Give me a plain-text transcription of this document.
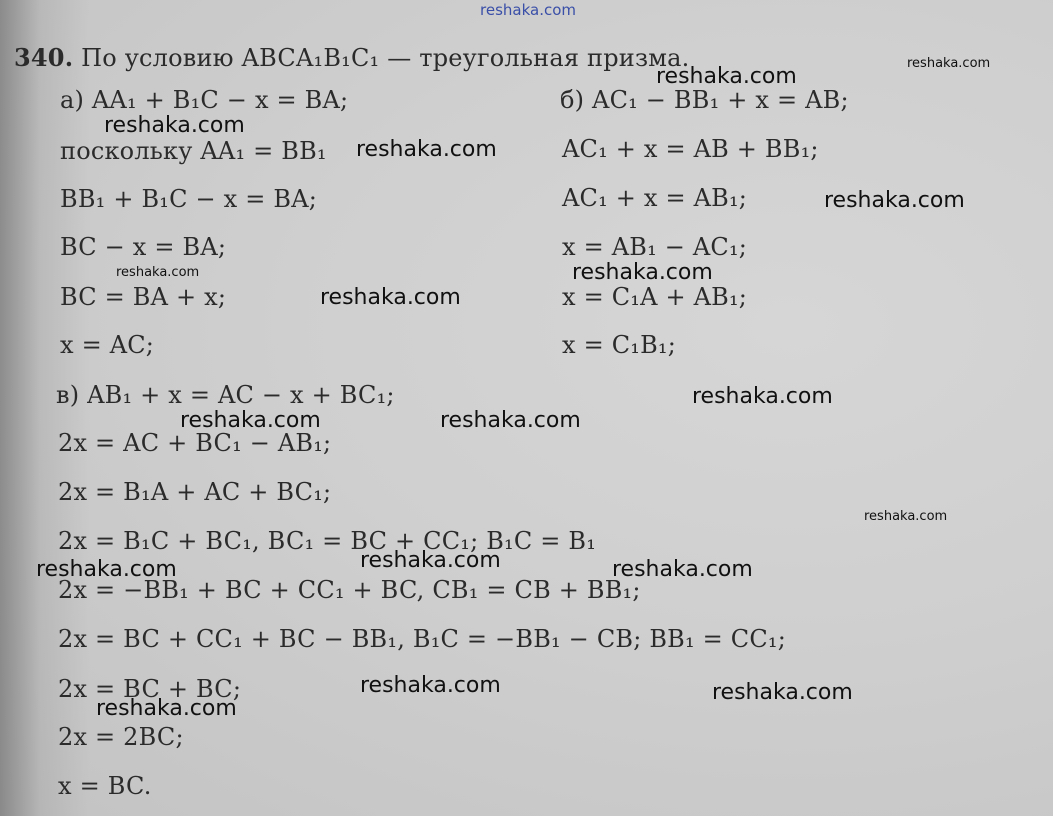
340. По условию ABCA₁B₁C₁ — треугольная призма.
а) AA₁ + B₁C − x = BA;
поскольку AA₁ = BB₁
BB₁ + B₁C − x = BA;
BC − x = BA;
BC = BA + x;
x = AC;
б) AC₁ − BB₁ + x = AB;
AC₁ + x = AB + BB₁;
AC₁ + x = AB₁;
x = AB₁ − AC₁;
x = C₁A + AB₁;
x = C₁B₁;
в) AB₁ + x = AC − x + BC₁;
2x = AC + BC₁ − AB₁;
2x = B₁A + AC + BC₁;
2x = B₁C + BC₁, BC₁ = BC + CC₁; B₁C = B₁
2x = −BB₁ + BC + CC₁ + BC, CB₁ = CB + BB₁;
2x = BC + CC₁ + BC − BB₁, B₁C = −BB₁ − CB; BB₁ = CC₁;
2x = BC + BC;
2x = 2BC;
x = BC.
reshaka.com
reshaka.com
reshaka.com
reshaka.com
reshaka.com
reshaka.com
reshaka.com	reshaka.com
reshaka.com
reshaka.com
reshaka.com	reshaka.com
reshaka.com
reshaka.com
reshaka.com	reshaka.com
reshaka.com	reshaka.com
reshaka.com
